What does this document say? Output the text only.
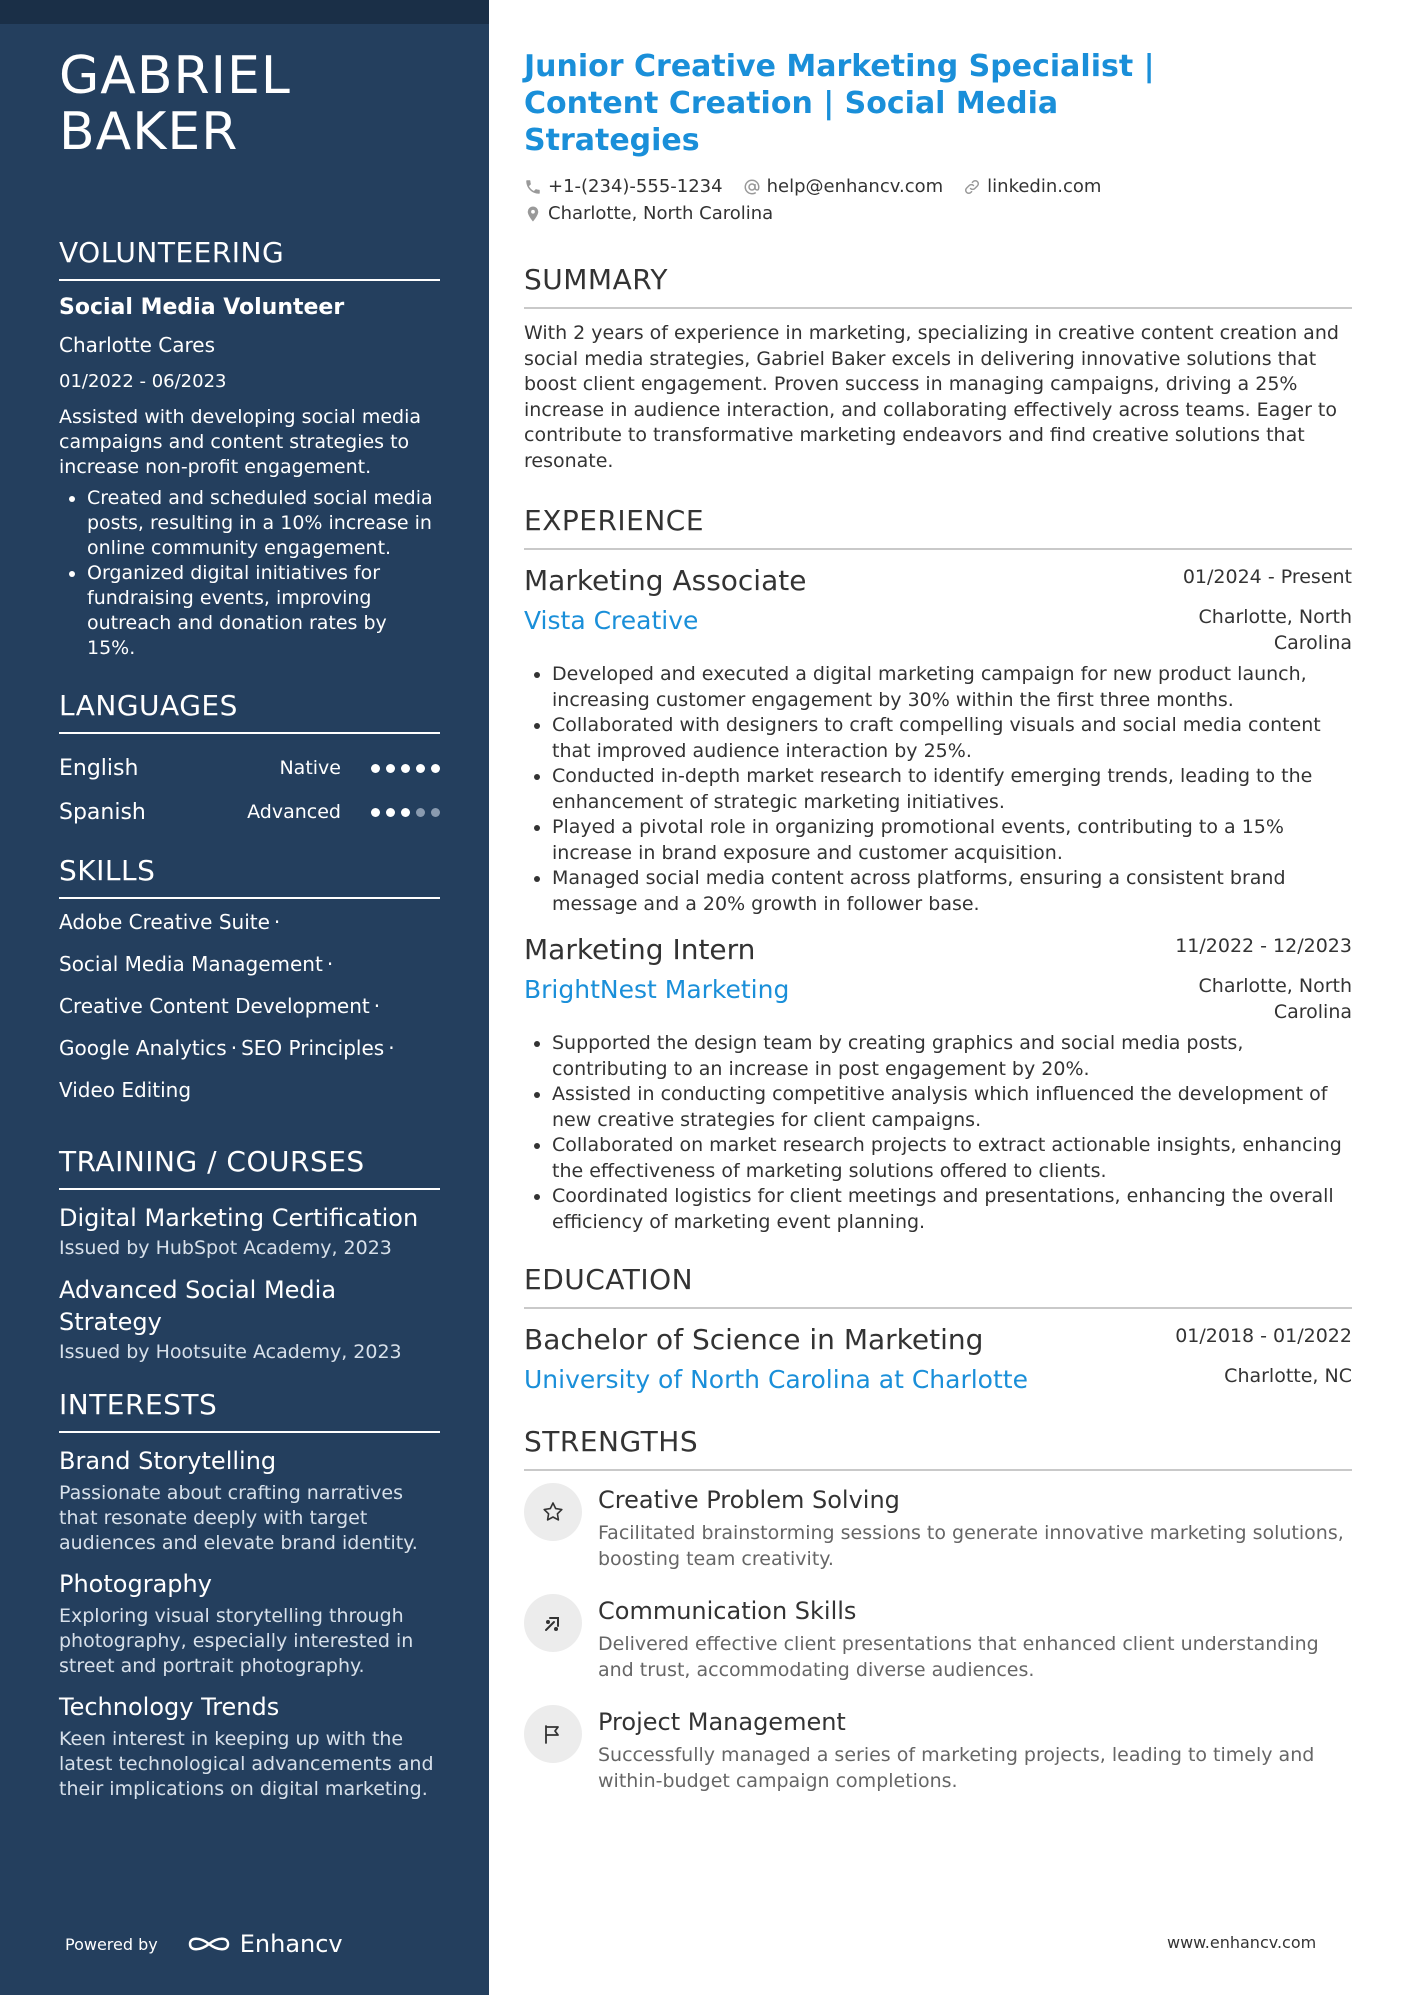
GABRIEL
BAKER
VOLUNTEERING
Social Media Volunteer
Charlotte Cares
01/2022 - 06/2023
Assisted with developing social media campaigns and content strategies to increase non-profit engagement.
• Created and scheduled social media posts, resulting in a 10% increase in online community engagement.
• Organized digital initiatives for fundraising events, improving outreach and donation rates by 15%.
LANGUAGES
English	Native
Spanish	Advanced
SKILLS
Adobe Creative Suite ·
Social Media Management ·
Creative Content Development ·
Google Analytics · SEO Principles ·
Video Editing
TRAINING / COURSES
Digital Marketing Certification
Issued by HubSpot Academy, 2023
Advanced Social Media Strategy
Issued by Hootsuite Academy, 2023
INTERESTS
Brand Storytelling
Passionate about crafting narratives that resonate deeply with target audiences and elevate brand identity.
Photography
Exploring visual storytelling through photography, especially interested in street and portrait photography.
Technology Trends
Keen interest in keeping up with the latest technological advancements and their implications on digital marketing.
Powered by	Enhancv
Junior Creative Marketing Specialist | Content Creation | Social Media Strategies
+1-(234)-555-1234 help@enhancv.com linkedin.com
Charlotte, North Carolina
SUMMARY

With 2 years of experience in marketing, specializing in creative content creation and social media strategies, Gabriel Baker excels in delivering innovative solutions that boost client engagement. Proven success in managing campaigns, driving a 25% increase in audience interaction, and collaborating effectively across teams. Eager to contribute to transformative marketing endeavors and find creative solutions that resonate.

EXPERIENCE
Marketing Associate	01/2024 - Present
Vista Creative	Charlotte, North Carolina
• Developed and executed a digital marketing campaign for new product launch, increasing customer engagement by 30% within the first three months.
• Collaborated with designers to craft compelling visuals and social media content that improved audience interaction by 25%.
• Conducted in-depth market research to identify emerging trends, leading to the enhancement of strategic marketing initiatives.
• Played a pivotal role in organizing promotional events, contributing to a 15% increase in brand exposure and customer acquisition.
• Managed social media content across platforms, ensuring a consistent brand message and a 20% growth in follower base.
Marketing Intern	11/2022 - 12/2023
BrightNest Marketing	Charlotte, North Carolina
• Supported the design team by creating graphics and social media posts, contributing to an increase in post engagement by 20%.
• Assisted in conducting competitive analysis which influenced the development of new creative strategies for client campaigns.
• Collaborated on market research projects to extract actionable insights, enhancing the effectiveness of marketing solutions offered to clients.
• Coordinated logistics for client meetings and presentations, enhancing the overall efficiency of marketing event planning.
EDUCATION
Bachelor of Science in Marketing	01/2018 - 01/2022
University of North Carolina at Charlotte	Charlotte, NC
STRENGTHS
Creative Problem Solving
Facilitated brainstorming sessions to generate innovative marketing solutions, boosting team creativity.
Communication Skills
Delivered effective client presentations that enhanced client understanding and trust, accommodating diverse audiences.
Project Management
Successfully managed a series of marketing projects, leading to timely and within-budget campaign completions.
www.enhancv.com
